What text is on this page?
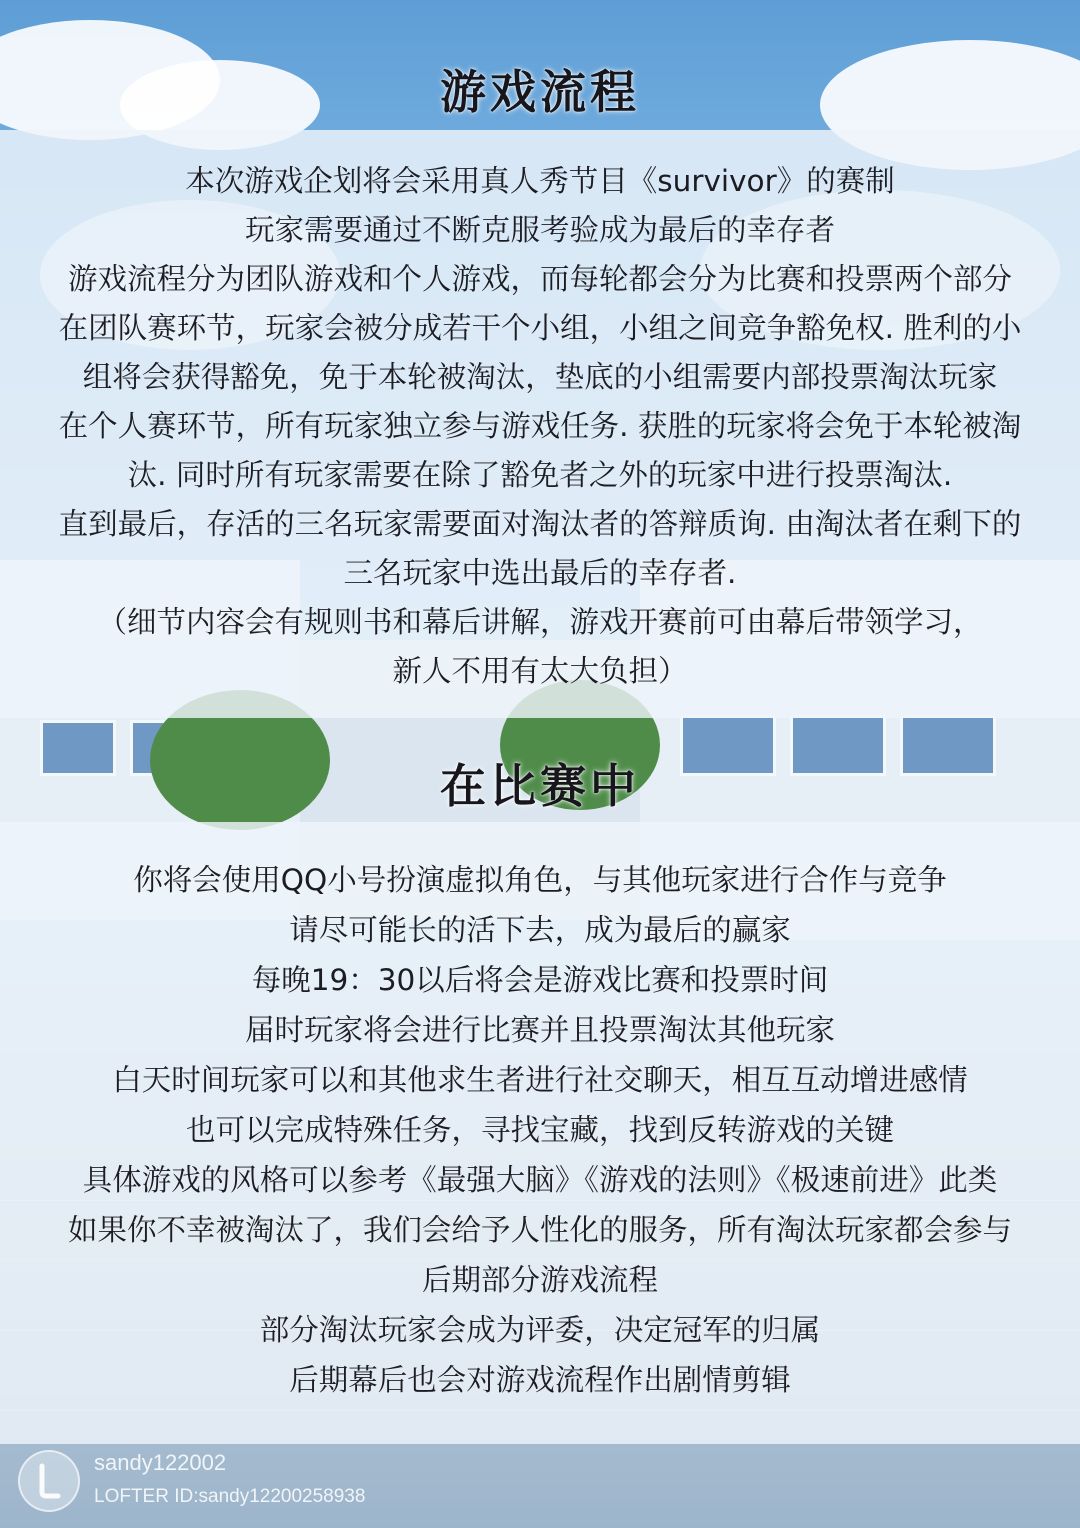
游戏流程
本次游戏企划将会采用真人秀节目《survivor》的赛制
玩家需要通过不断克服考验成为最后的幸存者
游戏流程分为团队游戏和个人游戏，而每轮都会分为比赛和投票两个部分
在团队赛环节，玩家会被分成若干个小组，小组之间竞争豁免权. 胜利的小
组将会获得豁免，免于本轮被淘汰，垫底的小组需要内部投票淘汰玩家
在个人赛环节，所有玩家独立参与游戏任务. 获胜的玩家将会免于本轮被淘
汰. 同时所有玩家需要在除了豁免者之外的玩家中进行投票淘汰.
直到最后，存活的三名玩家需要面对淘汰者的答辩质询. 由淘汰者在剩下的
三名玩家中选出最后的幸存者.
（细节内容会有规则书和幕后讲解，游戏开赛前可由幕后带领学习，
新人不用有太大负担）
在比赛中
你将会使用QQ小号扮演虚拟角色，与其他玩家进行合作与竞争
请尽可能长的活下去，成为最后的赢家
每晚19：30以后将会是游戏比赛和投票时间
届时玩家将会进行比赛并且投票淘汰其他玩家
白天时间玩家可以和其他求生者进行社交聊天，相互互动增进感情
也可以完成特殊任务，寻找宝藏，找到反转游戏的关键
具体游戏的风格可以参考《最强大脑》《游戏的法则》《极速前进》此类
如果你不幸被淘汰了，我们会给予人性化的服务，所有淘汰玩家都会参与
后期部分游戏流程
部分淘汰玩家会成为评委，决定冠军的归属
后期幕后也会对游戏流程作出剧情剪辑
sandy122002
LOFTER ID:sandy12200258938
